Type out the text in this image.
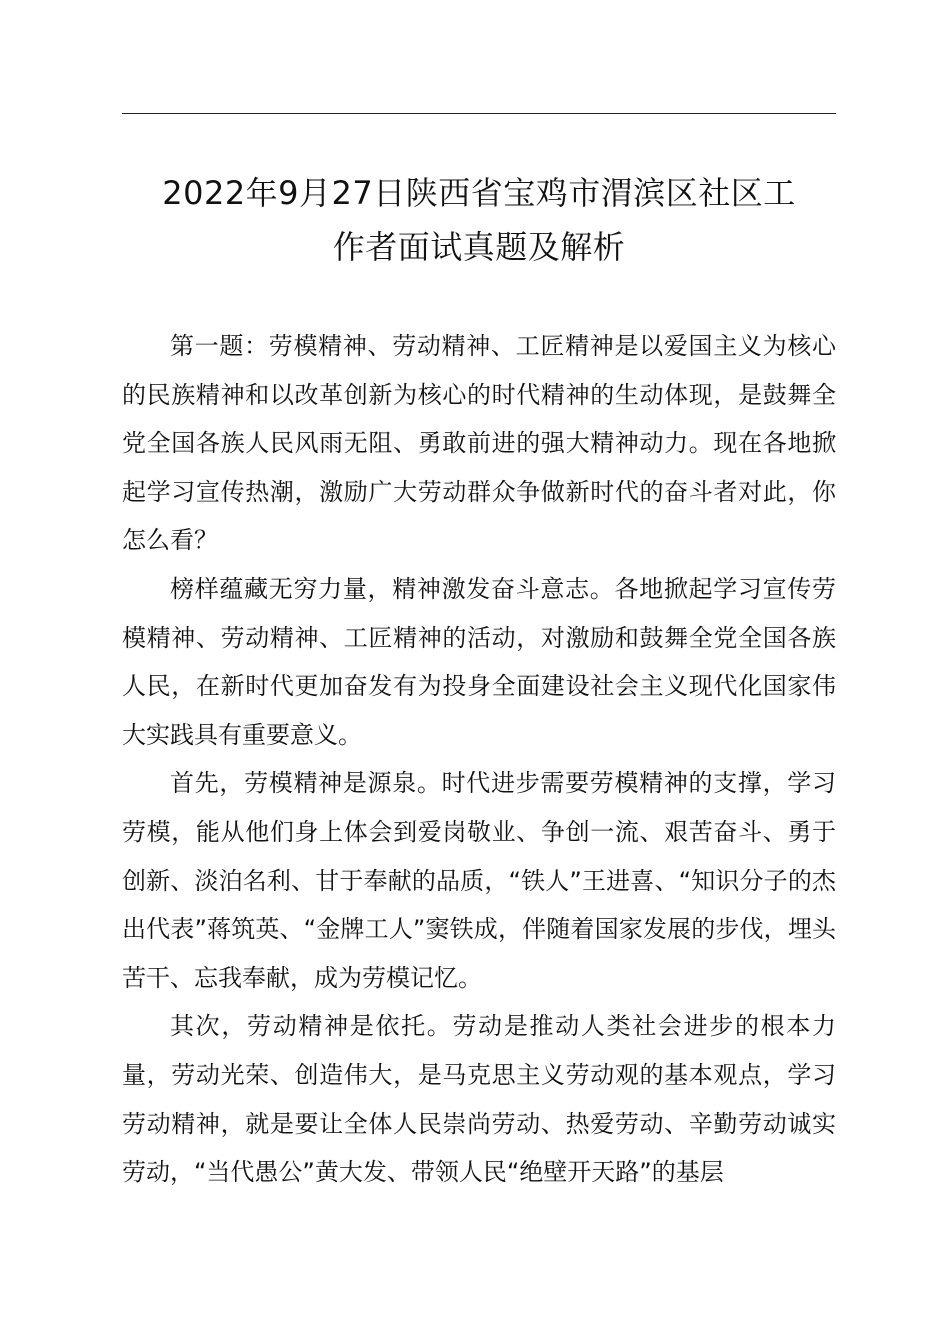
2022年9月27日陕西省宝鸡市渭滨区社区工
作者面试真题及解析

第一题：劳模精神、劳动精神、工匠精神是以爱国主义为核心的民族精神和以改革创新为核心的时代精神的生动体现，是鼓舞全党全国各族人民风雨无阻、勇敢前进的强大精神动力。现在各地掀起学习宣传热潮，激励广大劳动群众争做新时代的奋斗者对此，你怎么看？

榜样蕴藏无穷力量，精神激发奋斗意志。各地掀起学习宣传劳模精神、劳动精神、工匠精神的活动，对激励和鼓舞全党全国各族人民，在新时代更加奋发有为投身全面建设社会主义现代化国家伟大实践具有重要意义。

首先，劳模精神是源泉。时代进步需要劳模精神的支撑，学习劳模，能从他们身上体会到爱岗敬业、争创一流、艰苦奋斗、勇于创新、淡泊名利、甘于奉献的品质，“铁人”王进喜、“知识分子的杰出代表”蒋筑英、“金牌工人”窦铁成，伴随着国家发展的步伐，埋头苦干、忘我奉献，成为劳模记忆。

其次，劳动精神是依托。劳动是推动人类社会进步的根本力量，劳动光荣、创造伟大，是马克思主义劳动观的基本观点，学习劳动精神，就是要让全体人民崇尚劳动、热爱劳动、辛勤劳动诚实劳动，“当代愚公”黄大发、带领人民“绝壁开天路”的基层
